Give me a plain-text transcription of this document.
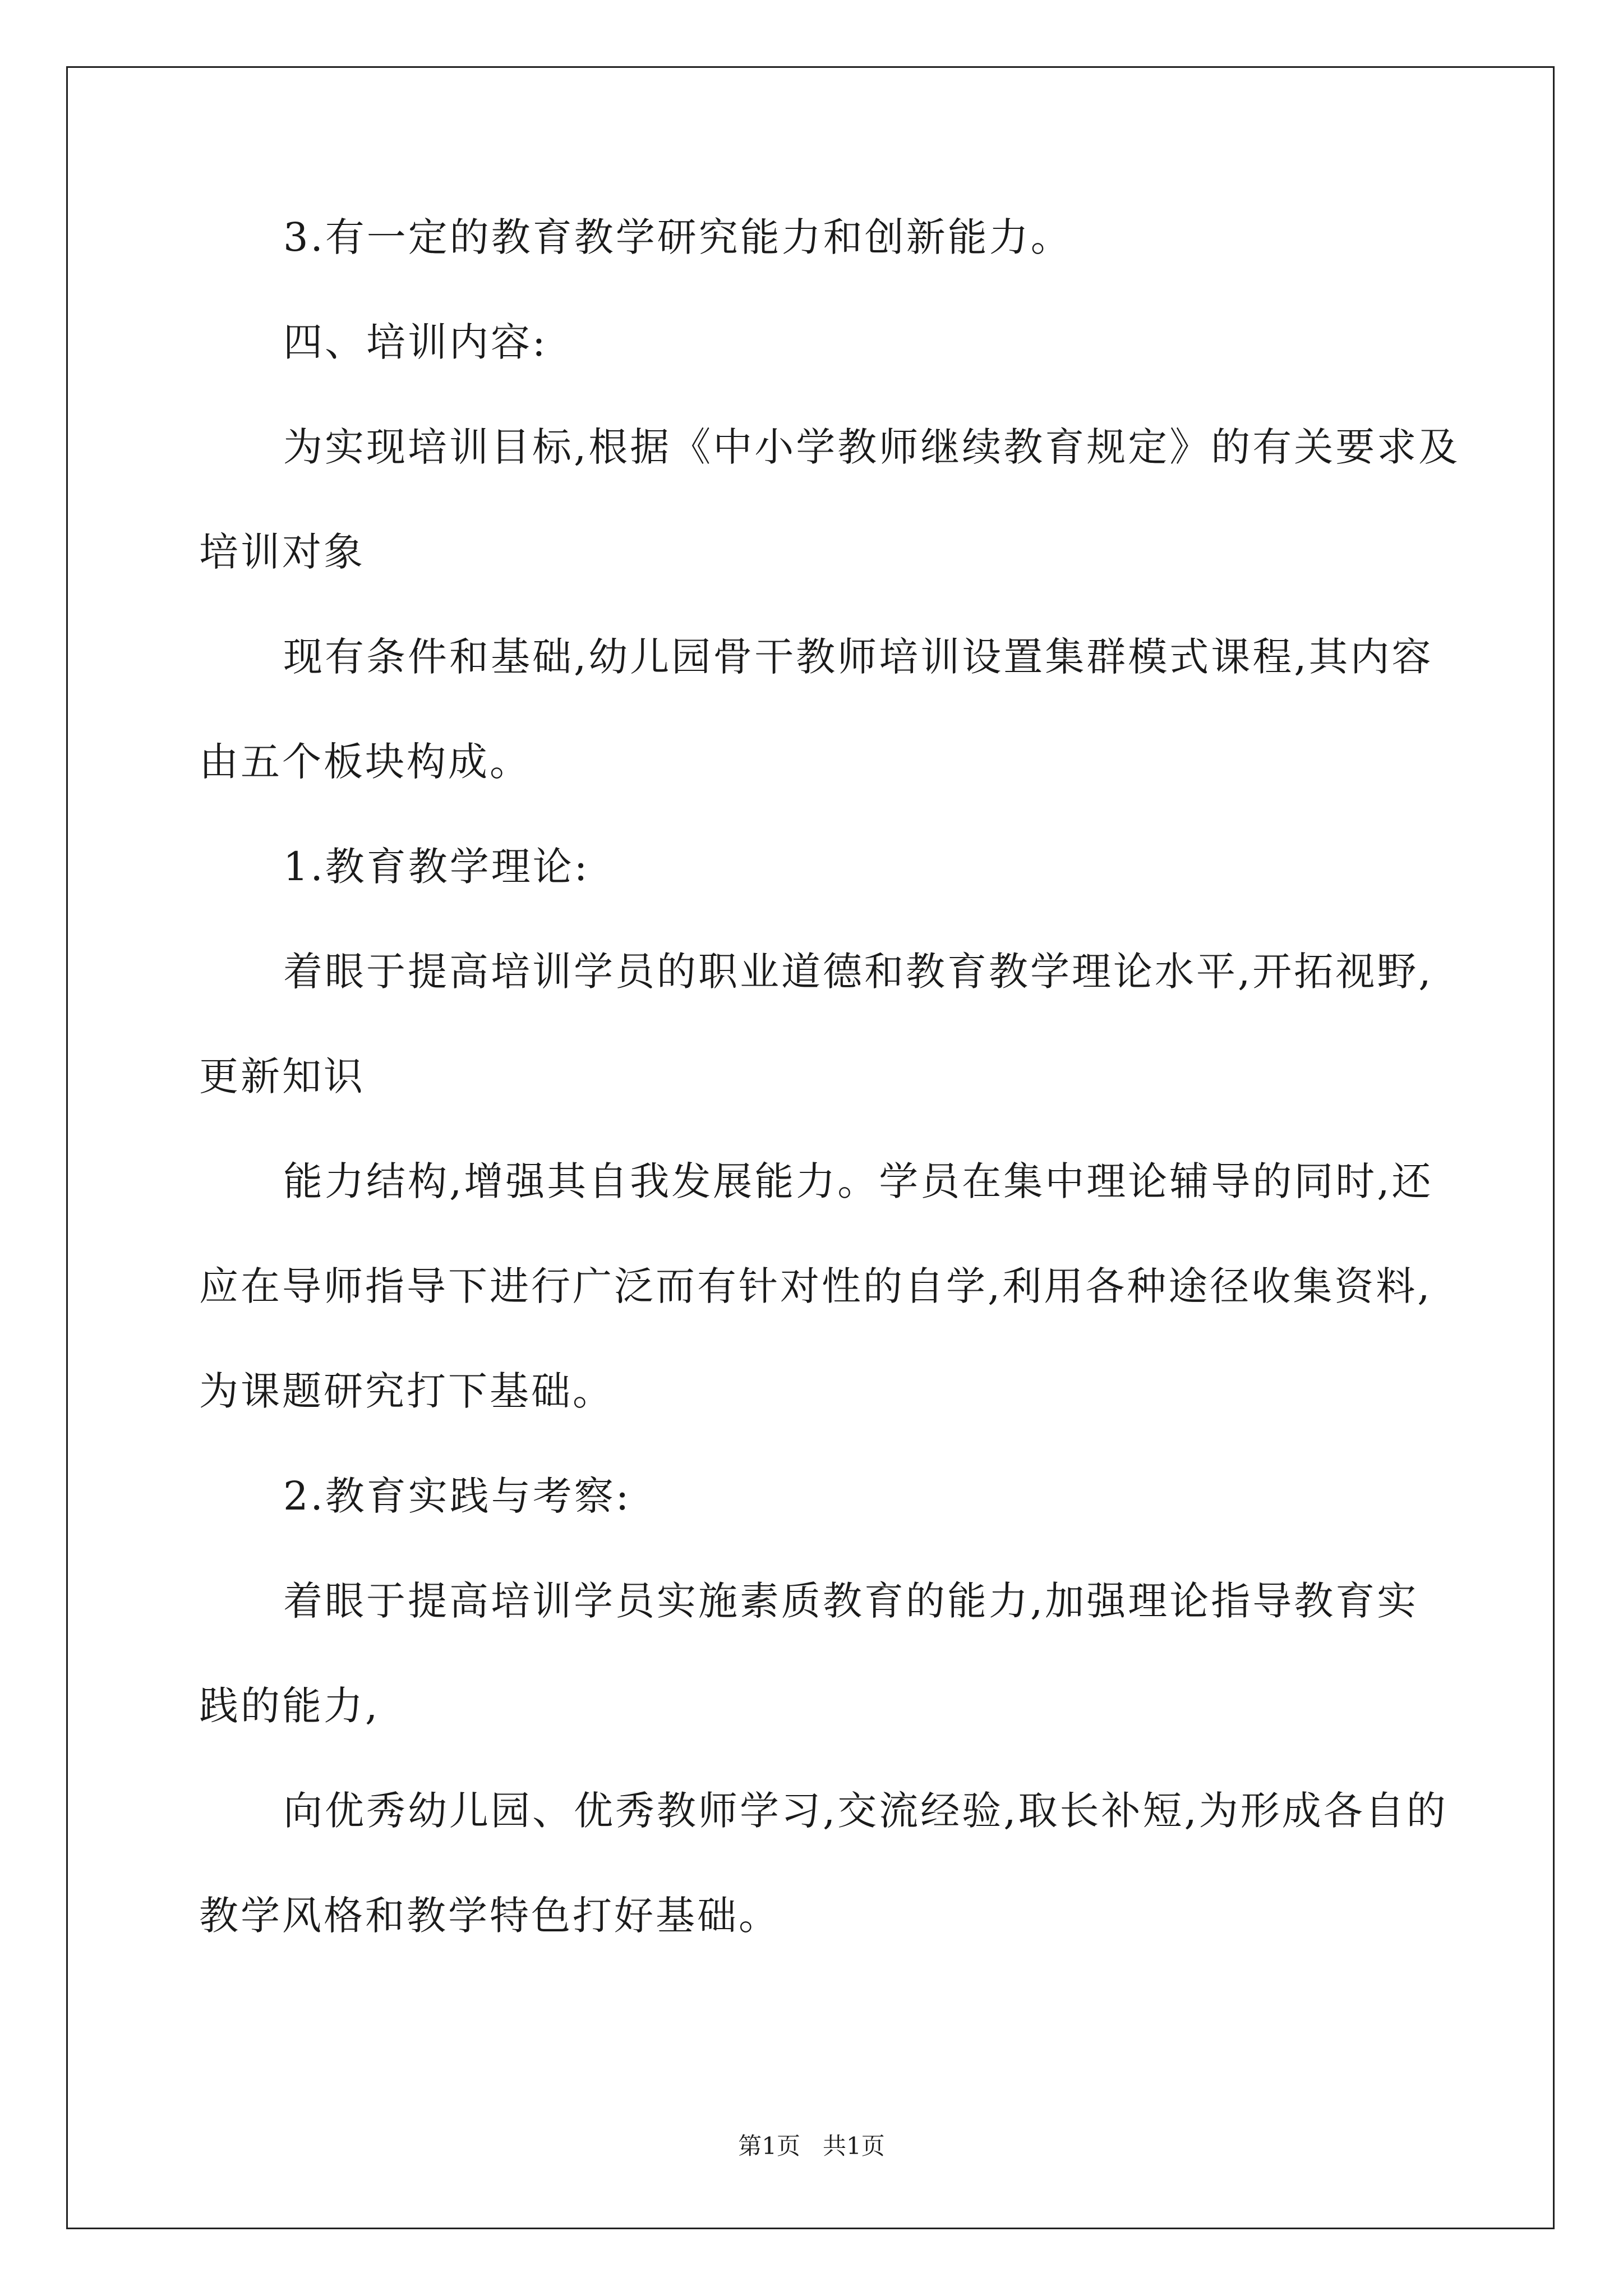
3.有一定的教育教学研究能力和创新能力。
四、培训内容:
为实现培训目标,根据《中小学教师继续教育规定》的有关要求及
培训对象
现有条件和基础,幼儿园骨干教师培训设置集群模式课程,其内容
由五个板块构成。
1.教育教学理论:
着眼于提高培训学员的职业道德和教育教学理论水平,开拓视野,
更新知识
能力结构,增强其自我发展能力。学员在集中理论辅导的同时,还
应在导师指导下进行广泛而有针对性的自学,利用各种途径收集资料,
为课题研究打下基础。
2.教育实践与考察:
着眼于提高培训学员实施素质教育的能力,加强理论指导教育实
践的能力,
向优秀幼儿园、优秀教师学习,交流经验,取长补短,为形成各自的
教学风格和教学特色打好基础。
第1页   共1页
